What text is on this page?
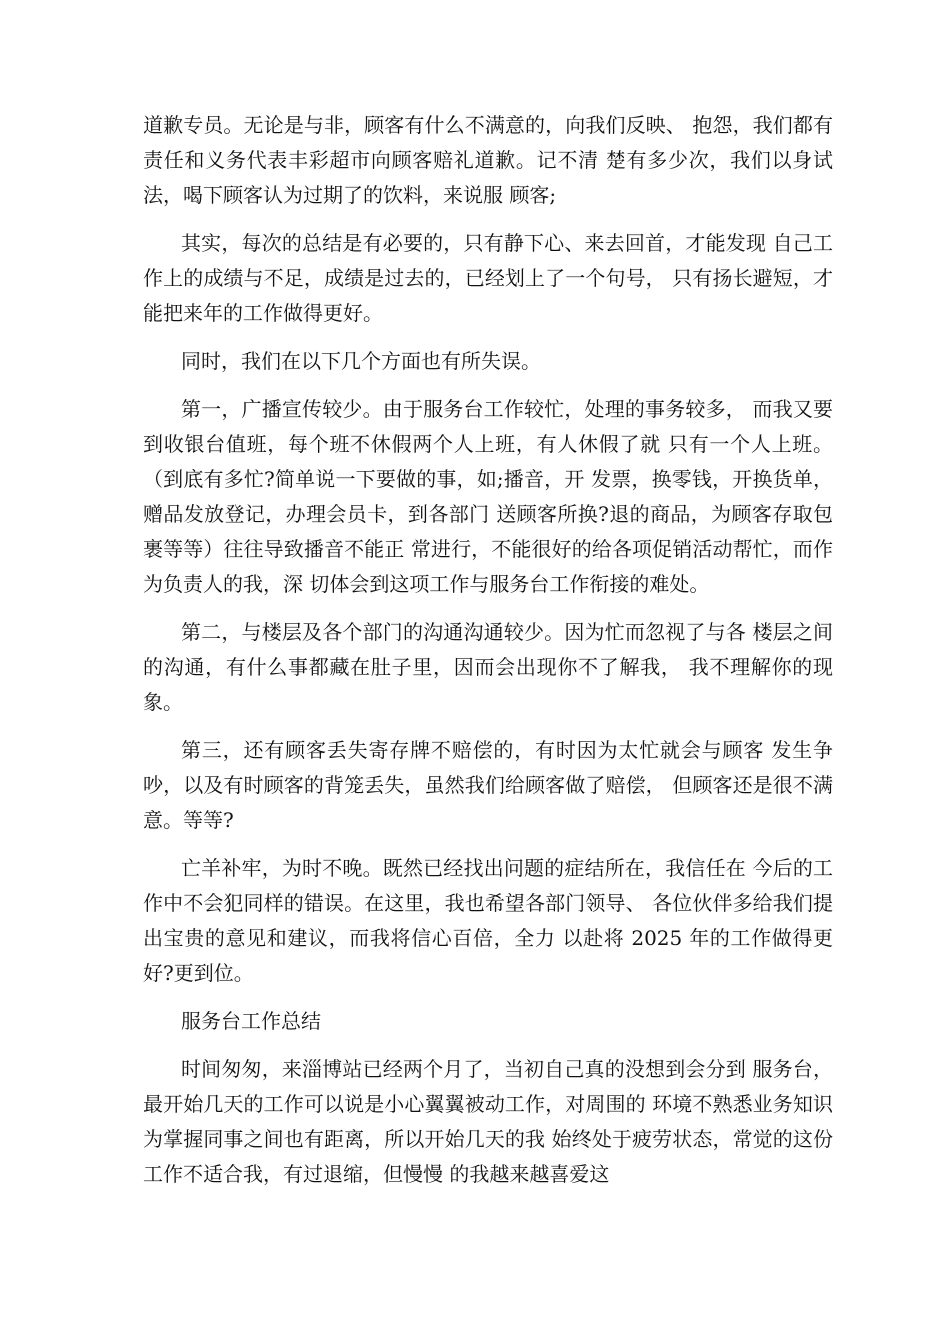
道歉专员。无论是与非，顾客有什么不满意的，向我们反映、 抱怨，我们都有责任和义务代表丰彩超市向顾客赔礼道歉。记不清 楚有多少次，我们以身试法，喝下顾客认为过期了的饮料，来说服 顾客;

其实，每次的总结是有必要的，只有静下心、来去回首，才能发现 自己工作上的成绩与不足，成绩是过去的，已经划上了一个句号， 只有扬长避短，才能把来年的工作做得更好。

同时，我们在以下几个方面也有所失误。

第一，广播宣传较少。由于服务台工作较忙，处理的事务较多， 而我又要到收银台值班，每个班不休假两个人上班，有人休假了就 只有一个人上班。（到底有多忙?简单说一下要做的事，如;播音，开 发票，换零钱，开换货单，赠品发放登记，办理会员卡，到各部门 送顾客所换?退的商品，为顾客存取包裹等等）往往导致播音不能正 常进行，不能很好的给各项促销活动帮忙，而作为负责人的我，深 切体会到这项工作与服务台工作衔接的难处。

第二，与楼层及各个部门的沟通沟通较少。因为忙而忽视了与各 楼层之间的沟通，有什么事都藏在肚子里，因而会出现你不了解我， 我不理解你的现象。

第三，还有顾客丢失寄存牌不赔偿的，有时因为太忙就会与顾客 发生争吵，以及有时顾客的背笼丢失，虽然我们给顾客做了赔偿， 但顾客还是很不满意。等等?

亡羊补牢，为时不晚。既然已经找出问题的症结所在，我信任在 今后的工作中不会犯同样的错误。在这里，我也希望各部门领导、 各位伙伴多给我们提出宝贵的意见和建议，而我将信心百倍，全力 以赴将 2025 年的工作做得更好?更到位。

服务台工作总结

时间匆匆，来淄博站已经两个月了，当初自己真的没想到会分到 服务台，最开始几天的工作可以说是小心翼翼被动工作，对周围的 环境不熟悉业务知识为掌握同事之间也有距离，所以开始几天的我 始终处于疲劳状态，常觉的这份工作不适合我，有过退缩，但慢慢 的我越来越喜爱这
